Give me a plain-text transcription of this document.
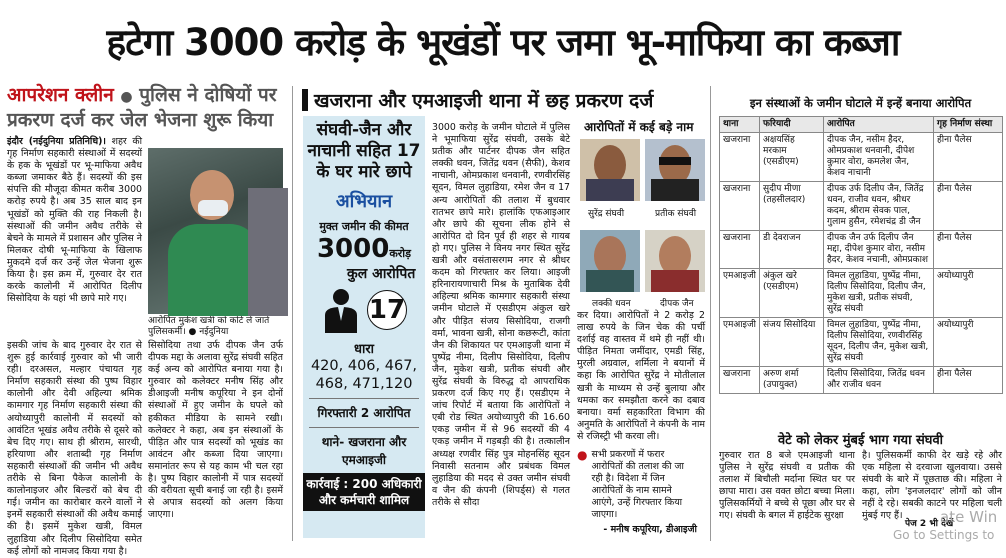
हटेगा 3000 करोड़ के भूखंडों पर जमा भू-माफिया का कब्जा
आपरेशन क्लीन ● पुलिस ने दोषियों पर
प्रकरण दर्ज कर जेल भेजना शुरू किया
इंदौर (नईदुनिया प्रतिनिधि)। शहर की गृह निर्माण सहकारी संस्थाओं में सदस्यों के हक के भूखंडों पर भू-माफिया अवैध कब्जा जमाकर बैठे हैं। सदस्यों की इस संपत्ति की मौजूदा कीमत करीब 3000 करोड़ रुपये है। अब 35 साल बाद इन भूखंडों को मुक्ति की राह निकली है। संस्थाओं की जमीन अवैध तरीके से बेचने के मामले में प्रशासन और पुलिस ने मिलकर दोषी भू-माफिया के खिलाफ मुकदमे दर्ज कर उन्हें जेल भेजना शुरू किया है। इस क्रम में, गुरुवार देर रात करके कालोनी में आरोपित दिलीप सिसोदिया के यहां भी छापे मारे गए।
आरोपित मुकेश खत्री को कोर्ट ले जाते पुलिसकर्मी। ● नईदुनिया
इसकी जांच के बाद गुरुवार देर रात से शुरू हुई कार्रवाई गुरुवार को भी जारी रही। दरअसल, मल्हार पंचायत गृह निर्माण सहकारी संस्था की पुष्प विहार कालोनी और देवी अहिल्या श्रमिक कामगार गृह निर्माण सहकारी संस्था की अयोध्यापुरी कालोनी में सदस्यों को आवंटित भूखंड अवैध तरीके से दूसरे को बेच दिए गए। साथ ही श्रीराम, सारथी, हरियाणा और शताब्दी गृह निर्माण सहकारी संस्थाओं की जमीन भी अवैध तरीके से बिना पैकेज कालोनी के कालोनाइजर और बिल्डरों को बेच दी गई। जमीन का कारोबार करने वालों ने इनमें सहकारी संस्थाओं की अवैध कमाई की है। इसमें मुकेश खत्री, विमल लुहाडिया और दिलीप सिसोदिया समेत कई लोगों को नामजद किया गया है।
सिसोदिया तथा उर्फ दीपक जैन उर्फ दीपक मद्दा के अलावा सुरेंद्र संघवी सहित कई अन्य को आरोपित बनाया गया है। गुरुवार को कलेक्टर मनीष सिंह और डीआइजी मनीष कपूरिया ने इन दोनों संस्थाओं में हुए जमीन के घपले को हकीकत मीडिया के सामने रखी। कलेक्टर ने कहा, अब इन संस्थाओं के पीड़ित और पात्र सदस्यों को भूखंड का आवंटन और कब्जा दिया जाएगा। समानांतर रूप से यह काम भी चल रहा है। पुष्प विहार कालोनी में पात्र सदस्यों की वरीयता सूची बनाई जा रही है। इसमें से अपात्र सदस्यों को अलग किया जाएगा।
खजराना और एमआइजी थाना में छह प्रकरण दर्ज
संघवी-जैन और नाचानी सहित 17 के घर मारे छापे
अभियान
मुक्त जमीन की कीमत
3000करोड़
कुल आरोपित
17
धारा
420, 406, 467, 468, 471,120
गिरफ्तारी 2 आरोपित
थाने- खजराना और एमआइजी
कार्रवाई : 200 अधिकारी और कर्मचारी शामिल
3000 करोड़ के जमीन घोटाले में पुलिस ने भूमाफिया सुरेंद्र संघवी, उसके बेटे प्रतीक और पार्टनर दीपक जैन सहित लक्की धवन, जितेंद्र धवन (सैफी), केशव नाचानी, ओमप्रकाश धनवानी, रणवीरसिंह सूदन, विमल लुहाडिया, रमेश जैन व 17 अन्य आरोपितों की तलाश में बुधवार रातभर छापे मारे। हालांकि एफआइआर और छापे की सूचना लीक होने से आरोपित दो दिन पूर्व ही शहर से गायब हो गए। पुलिस ने विनय नगर स्थित सुरेंद्र खत्री और वसंतासरगम नगर से श्रीधर कदम को गिरफ्तार कर लिया। आइजी हरिनारायणाचारी मिश्र के मुताबिक देवी अहिल्या श्रमिक कामगार सहकारी संस्था जमीन घोटाले में एसडीएम अंकुल खरे और पीड़ित संजय सिसोदिया, राजगी वर्मा, भावना खत्री, सोना कछरूटी, कांता जैन की शिकायत पर एमआइजी थाना में पुष्पेंद्र नीमा, दिलीप सिसोदिया, दिलीप जैन, मुकेश खत्री, प्रतीक संघवी और सुरेंद्र संघवी के विरुद्ध दो आपराधिक प्रकरण दर्ज किए गए हैं। एसडीएम ने जांच रिपोर्ट में बताया कि आरोपितों ने एबी रोड स्थित अयोध्यापुरी की 16.60 एकड़ जमीन में से 96 सदस्यों की 4 एकड़ जमीन में गड़बड़ी की है। तत्कालीन अध्यक्ष रणवीर सिंह पुत्र मोहनसिंह सूदन निवासी सतनाम और प्रबंधक विमल लुहाडिया की मदद से उक्त जमीन संघवी व जैन की कंपनी (शिपर्ड्स) से गलत तरीके से सौदा
आरोपितों में कई बड़े नाम
सुरेंद्र संघवी	प्रतीक संघवी
लक्की धवन	दीपक जैन
कर दिया। आरोपितों ने 2 करोड़ 2 लाख रुपये के जिन चेक की पर्ची दर्शाई वह वास्तव में थमे ही नहीं थी। पीड़ित निमता जमींदार, एमडी सिंह, मुरली अग्रवाल, शर्मिला ने बयानों में कहा कि आरोपित सुरेंद्र ने मोतीलाल खत्री के माध्यम से उन्हें बुलाया और धमका कर समझौता करने का दबाव बनाया। वर्मा सहकारिता विभाग की अनुमति के आरोपितों ने कंपनी के नाम से रजिस्ट्री भी करवा ली।
● सभी प्रकरणों में फरार आरोपितों की तलाश की जा रही है। विदेशा में जिन आरोपितों के नाम सामने आएंगे, उन्हें गिरफ्तार किया जाएगा।
- मनीष कपूरिया, डीआइजी
इन संस्थाओं के जमीन घोटाले में इन्हें बनाया आरोपित
थाना	फरियादी	आरोपित	गृह निर्माण संस्था
खजराना	अक्षयसिंह मरकाम (एसडीएम)	दीपक जैन, नसीम हैदर, ओमप्रकाश धनवानी, दीपेश कुमार वोरा, कमलेश जैन, केशव नाचानी	हीना पैलेस
खजराना	सुदीप मीणा (तहसीलदार)	दीपक उर्फ दिलीप जैन, जितेंद्र धवन, राजीव धवन, श्रीधर कदम, श्रीराम सेवक पाल, गुलाम हुसैन, रमेशचंद्र डी जैन	हीना पैलेस
खजराना	डी देवराजन	दीपक जैन उर्फ दिलीप जैन मद्दा, दीपेश कुमार वोरा, नसीम हैदर, केशव नचानी, ओमप्रकाश	हीना पैलेस
एमआइजी	अंकुल खरे (एसडीएम)	विमल लुहाडिया, पुष्पेंद्र नीमा, दिलीप सिसोदिया, दिलीप जैन, मुकेश खत्री, प्रतीक संघवी, सुरेंद्र संघवी	अयोध्यापुरी
एमआइजी	संजय सिसोदिया	विमल लुहाडिया, पुष्पेंद्र नीमा, दिलीप सिसोदिया, रणवीरसिंह सूदन, दिलीप जैन, मुकेश खत्री, सुरेंद्र संघवी	अयोध्यापुरी
खजराना	अरुण शर्मा (उपायुक्त)	दिलीप सिसोदिया, जितेंद्र धवन और राजीव धवन	हीना पैलेस
वेटे को लेकर मुंबई भाग गया संघवी
गुरुवार रात 8 बजे एमआइजी थाना पुलिस ने सुरेंद्र संघवी व प्रतीक की तलाश में बिचौली मर्दाना स्थित घर पर छापा मारा। उस वक्त छोटा बच्चा मिला। पुलिसकर्मियों ने बच्चे से पूछा और घर से गए। संघवी के बगल में हाईटेक सुरक्षा
है। पुलिसकर्मी काफी देर खड़े रहे और एक महिला से दरवाजा खुलवाया। उससे संघवी के बारे में पूछताछ की। महिला ने कहा, लोग 'इनजलदार' लोगों को जीन नहीं दे रहे। सबकी काटने पर महिला चली मुंबई गए हैं।
पेज 2 भी देखें
ate Win
Go to Settings to
